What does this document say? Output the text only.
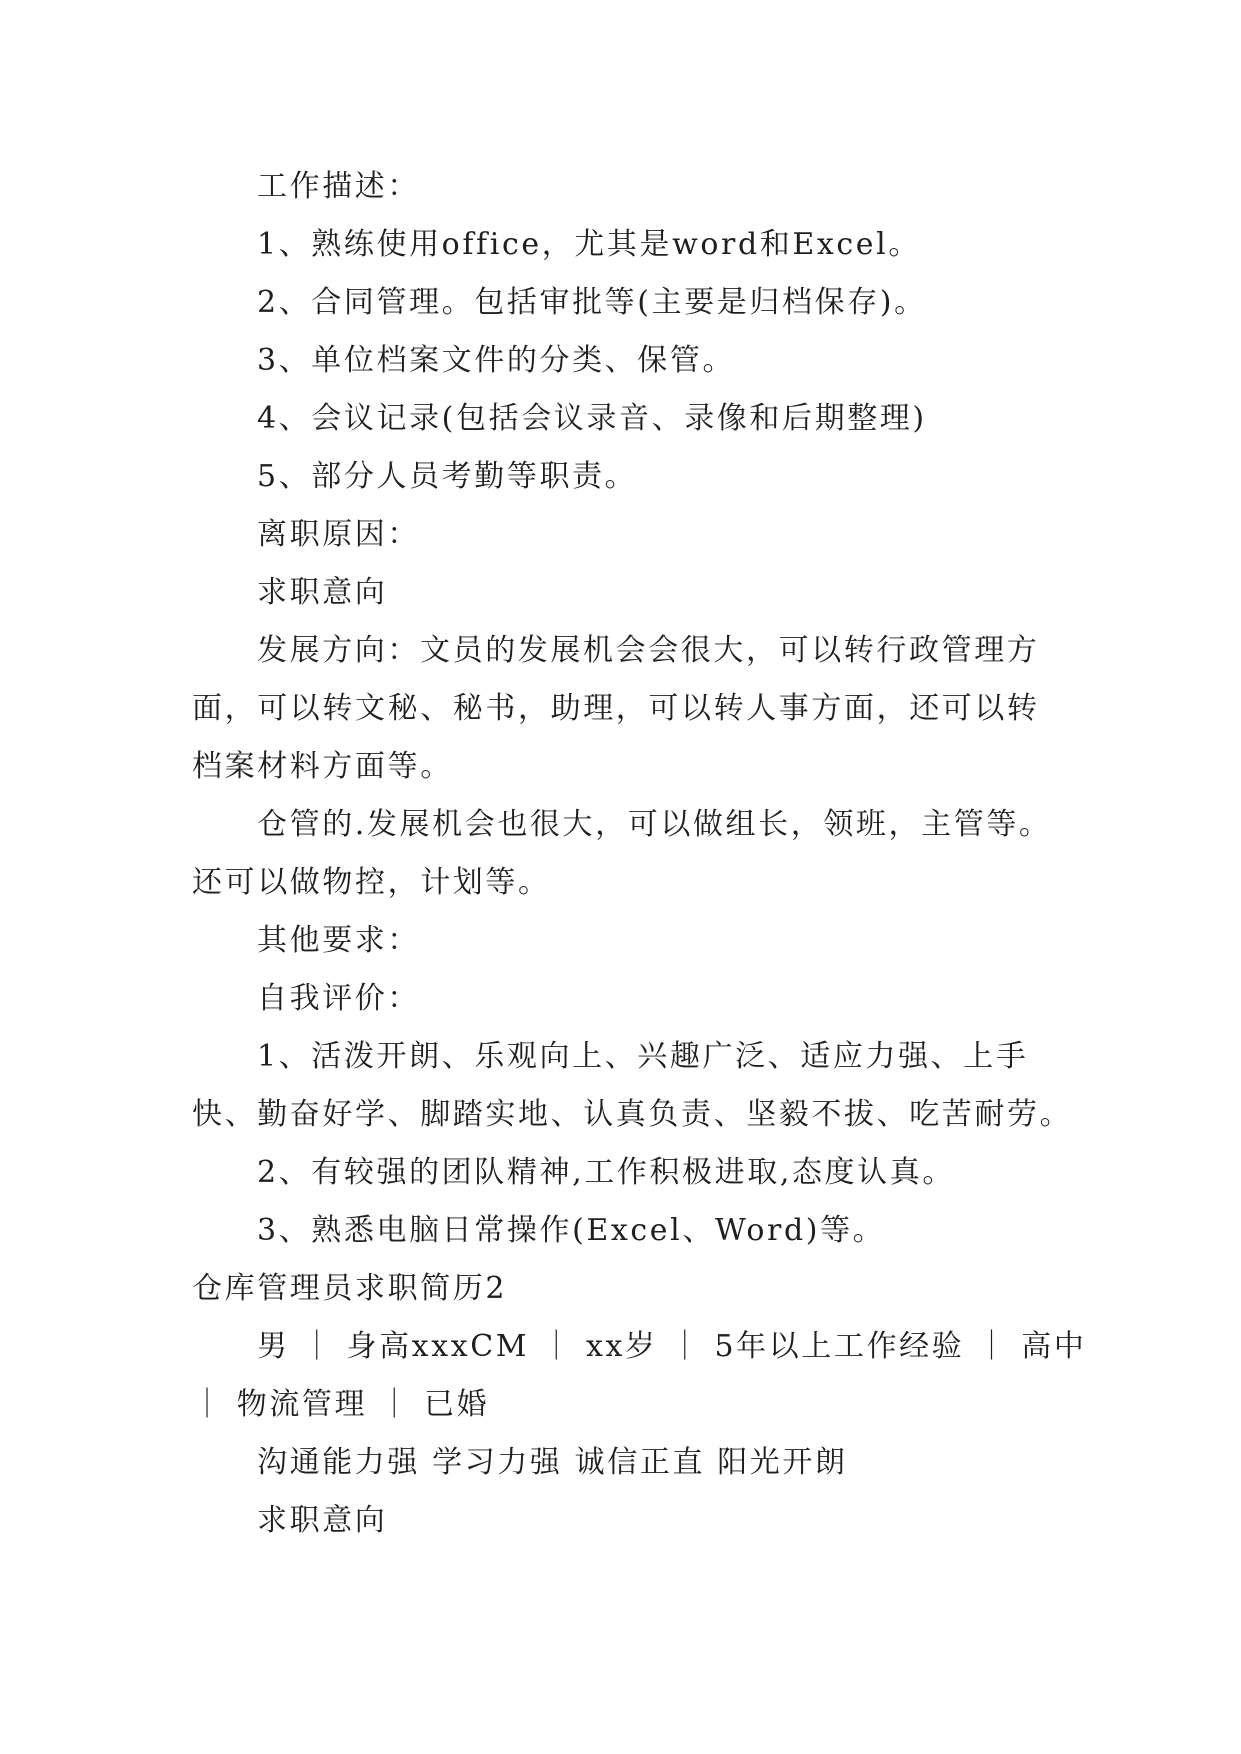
工作描述：

1、熟练使用office，尤其是word和Excel。

2、合同管理。包括审批等(主要是归档保存)。

3、单位档案文件的分类、保管。

4、会议记录(包括会议录音、录像和后期整理)

5、部分人员考勤等职责。

离职原因：

求职意向

发展方向：文员的发展机会会很大，可以转行政管理方

面，可以转文秘、秘书，助理，可以转人事方面，还可以转

档案材料方面等。

仓管的.发展机会也很大，可以做组长，领班，主管等。

还可以做物控，计划等。

其他要求：

自我评价：

1、活泼开朗、乐观向上、兴趣广泛、适应力强、上手

快、勤奋好学、脚踏实地、认真负责、坚毅不拔、吃苦耐劳。

2、有较强的团队精神,工作积极进取,态度认真。

3、熟悉电脑日常操作(Excel、Word)等。

仓库管理员求职简历2

男 ｜ 身高xxxCM ｜ xx岁 ｜ 5年以上工作经验 ｜ 高中

｜ 物流管理 ｜ 已婚

沟通能力强 学习力强 诚信正直 阳光开朗

求职意向
